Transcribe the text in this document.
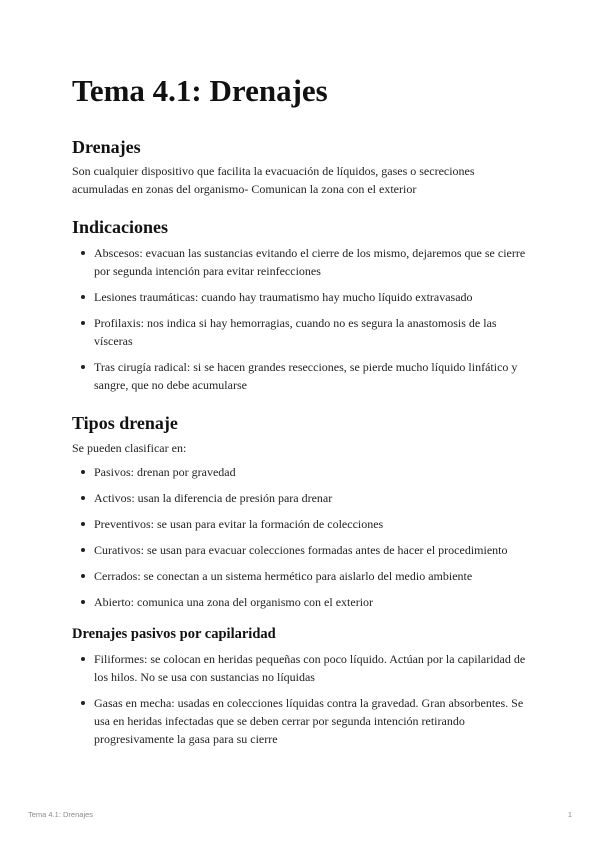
Tema 4.1: Drenajes
Drenajes

Son cualquier dispositivo que facilita la evacuación de líquidos, gases o secreciones acumuladas en zonas del organismo- Comunican la zona con el exterior

Indicaciones
Abscesos: evacuan las sustancias evitando el cierre de los mismo, dejaremos que se cierre por segunda intención para evitar reinfecciones
Lesiones traumáticas: cuando hay traumatismo hay mucho líquido extravasado
Profilaxis: nos indica si hay hemorragias, cuando no es segura la anastomosis de las vísceras
Tras cirugía radical: si se hacen grandes resecciones, se pierde mucho líquido linfático y sangre, que no debe acumularse
Tipos drenaje

Se pueden clasificar en:

Pasivos: drenan por gravedad
Activos: usan la diferencia de presión para drenar
Preventivos: se usan para evitar la formación de colecciones
Curativos: se usan para evacuar colecciones formadas antes de hacer el procedimiento
Cerrados: se conectan a un sistema hermético para aislarlo del medio ambiente
Abierto: comunica una zona del organismo con el exterior
Drenajes pasivos por capilaridad
Filiformes: se colocan en heridas pequeñas con poco líquido. Actúan por la capilaridad de los hilos. No se usa con sustancias no líquidas
Gasas en mecha: usadas en colecciones líquidas contra la gravedad. Gran absorbentes. Se usa en heridas infectadas que se deben cerrar por segunda intención retirando progresivamente la gasa para su cierre
Tema 4.1: Drenajes	1
